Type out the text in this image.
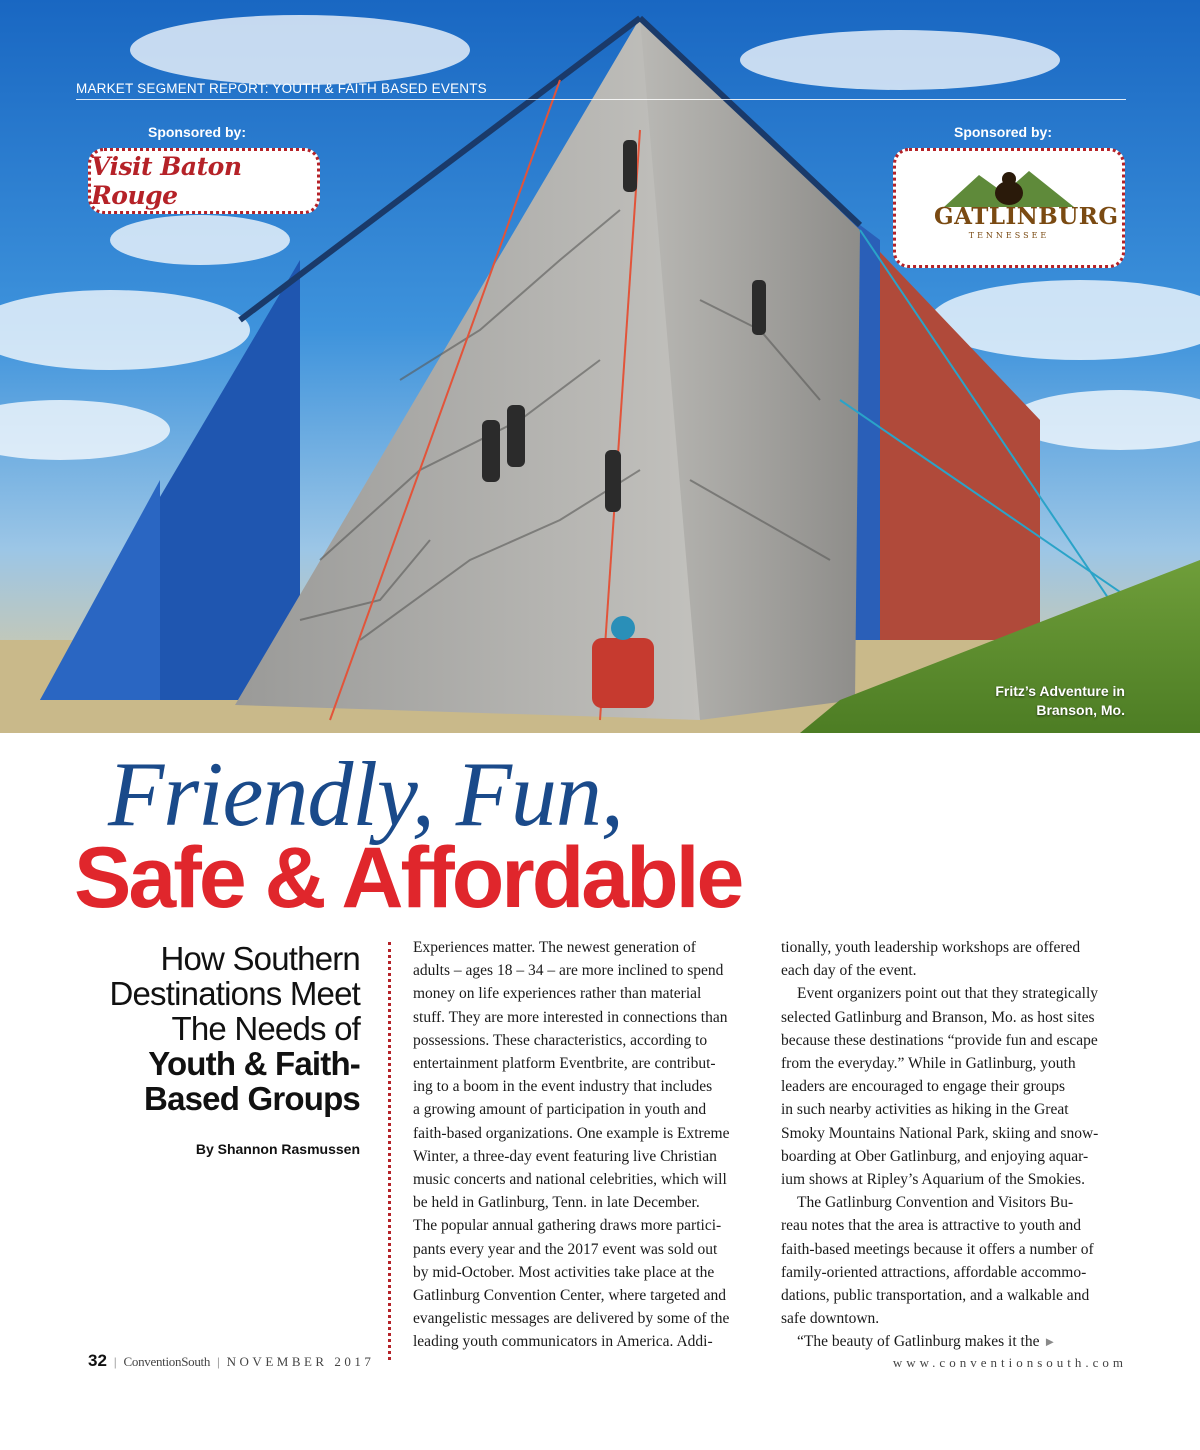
MARKET SEGMENT REPORT: YOUTH & FAITH BASED EVENTS
Sponsored by:
Visit Baton Rouge
Sponsored by:
GATLINBURG
TENNESSEE
Fritz’s Adventure in
Branson, Mo.
Friendly, Fun,
Safe & Affordable
How Southern
Destinations Meet
The Needs of
Youth & Faith-
Based Groups
By Shannon Rasmussen

Experiences matter. The newest generation of
adults – ages 18 – 34 – are more inclined to spend
money on life experiences rather than material
stuff. They are more interested in connections than
possessions. These characteristics, according to
entertainment platform Eventbrite, are contribut-
ing to a boom in the event industry that includes
a growing amount of participation in youth and
faith-based organizations. One example is Extreme
Winter, a three-day event featuring live Christian
music concerts and national celebrities, which will
be held in Gatlinburg, Tenn. in late December.
The popular annual gathering draws more partici-
pants every year and the 2017 event was sold out
by mid-October. Most activities take place at the
Gatlinburg Convention Center, where targeted and
evangelistic messages are delivered by some of the
leading youth communicators in America. Addi-

tionally, youth leadership workshops are offered
each day of the event.

Event organizers point out that they strategically
selected Gatlinburg and Branson, Mo. as host sites
because these destinations “provide fun and escape
from the everyday.” While in Gatlinburg, youth
leaders are encouraged to engage their groups
in such nearby activities as hiking in the Great
Smoky Mountains National Park, skiing and snow-
boarding at Ober Gatlinburg, and enjoying aquar-
ium shows at Ripley’s Aquarium of the Smokies.

The Gatlinburg Convention and Visitors Bu-
reau notes that the area is attractive to youth and
faith-based meetings because it offers a number of
family-oriented attractions, affordable accommo-
dations, public transportation, and a walkable and
safe downtown.

“The beauty of Gatlinburg makes it the ►

32 | ConventionSouth | NOVEMBER 2017	www.conventionsouth.com
